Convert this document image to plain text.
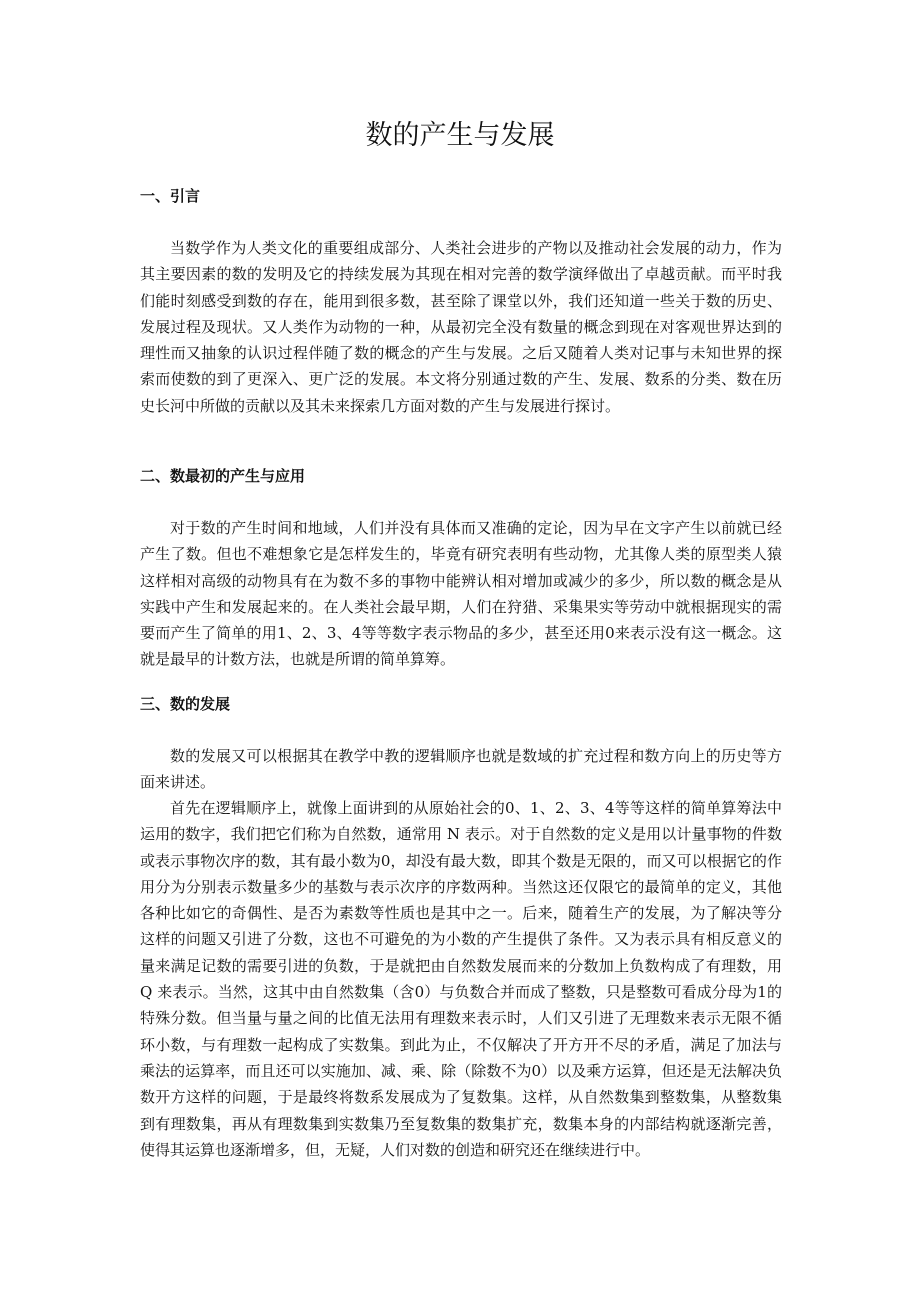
数的产生与发展
一、引言

当数学作为人类文化的重要组成部分、人类社会进步的产物以及推动社会发展的动力，作为其主要因素的数的发明及它的持续发展为其现在相对完善的数学演绎做出了卓越贡献。而平时我们能时刻感受到数的存在，能用到很多数，甚至除了课堂以外，我们还知道一些关于数的历史、发展过程及现状。又人类作为动物的一种，从最初完全没有数量的概念到现在对客观世界达到的理性而又抽象的认识过程伴随了数的概念的产生与发展。之后又随着人类对记事与未知世界的探索而使数的到了更深入、更广泛的发展。本文将分别通过数的产生、发展、数系的分类、数在历史长河中所做的贡献以及其未来探索几方面对数的产生与发展进行探讨。

二、数最初的产生与应用

对于数的产生时间和地域，人们并没有具体而又准确的定论，因为早在文字产生以前就已经产生了数。但也不难想象它是怎样发生的，毕竟有研究表明有些动物，尤其像人类的原型类人猿这样相对高级的动物具有在为数不多的事物中能辨认相对增加或减少的多少，所以数的概念是从实践中产生和发展起来的。在人类社会最早期，人们在狩猎、采集果实等劳动中就根据现实的需要而产生了简单的用1、2、3、4等等数字表示物品的多少，甚至还用0来表示没有这一概念。这就是最早的计数方法，也就是所谓的简单算筹。

三、数的发展

数的发展又可以根据其在教学中教的逻辑顺序也就是数域的扩充过程和数方向上的历史等方面来讲述。

首先在逻辑顺序上，就像上面讲到的从原始社会的0、1、2、3、4等等这样的简单算筹法中运用的数字，我们把它们称为自然数，通常用 N 表示。对于自然数的定义是用以计量事物的件数或表示事物次序的数，其有最小数为0，却没有最大数，即其个数是无限的，而又可以根据它的作用分为分别表示数量多少的基数与表示次序的序数两种。当然这还仅限它的最简单的定义，其他各种比如它的奇偶性、是否为素数等性质也是其中之一。后来，随着生产的发展，为了解决等分这样的问题又引进了分数，这也不可避免的为小数的产生提供了条件。又为表示具有相反意义的量来满足记数的需要引进的负数，于是就把由自然数发展而来的分数加上负数构成了有理数，用 Q 来表示。当然，这其中由自然数集（含0）与负数合并而成了整数，只是整数可看成分母为1的特殊分数。但当量与量之间的比值无法用有理数来表示时，人们又引进了无理数来表示无限不循环小数，与有理数一起构成了实数集。到此为止，不仅解决了开方开不尽的矛盾，满足了加法与乘法的运算率，而且还可以实施加、减、乘、除（除数不为0）以及乘方运算，但还是无法解决负数开方这样的问题，于是最终将数系发展成为了复数集。这样，从自然数集到整数集，从整数集到有理数集，再从有理数集到实数集乃至复数集的数集扩充，数集本身的内部结构就逐渐完善，使得其运算也逐渐增多，但，无疑，人们对数的创造和研究还在继续进行中。
